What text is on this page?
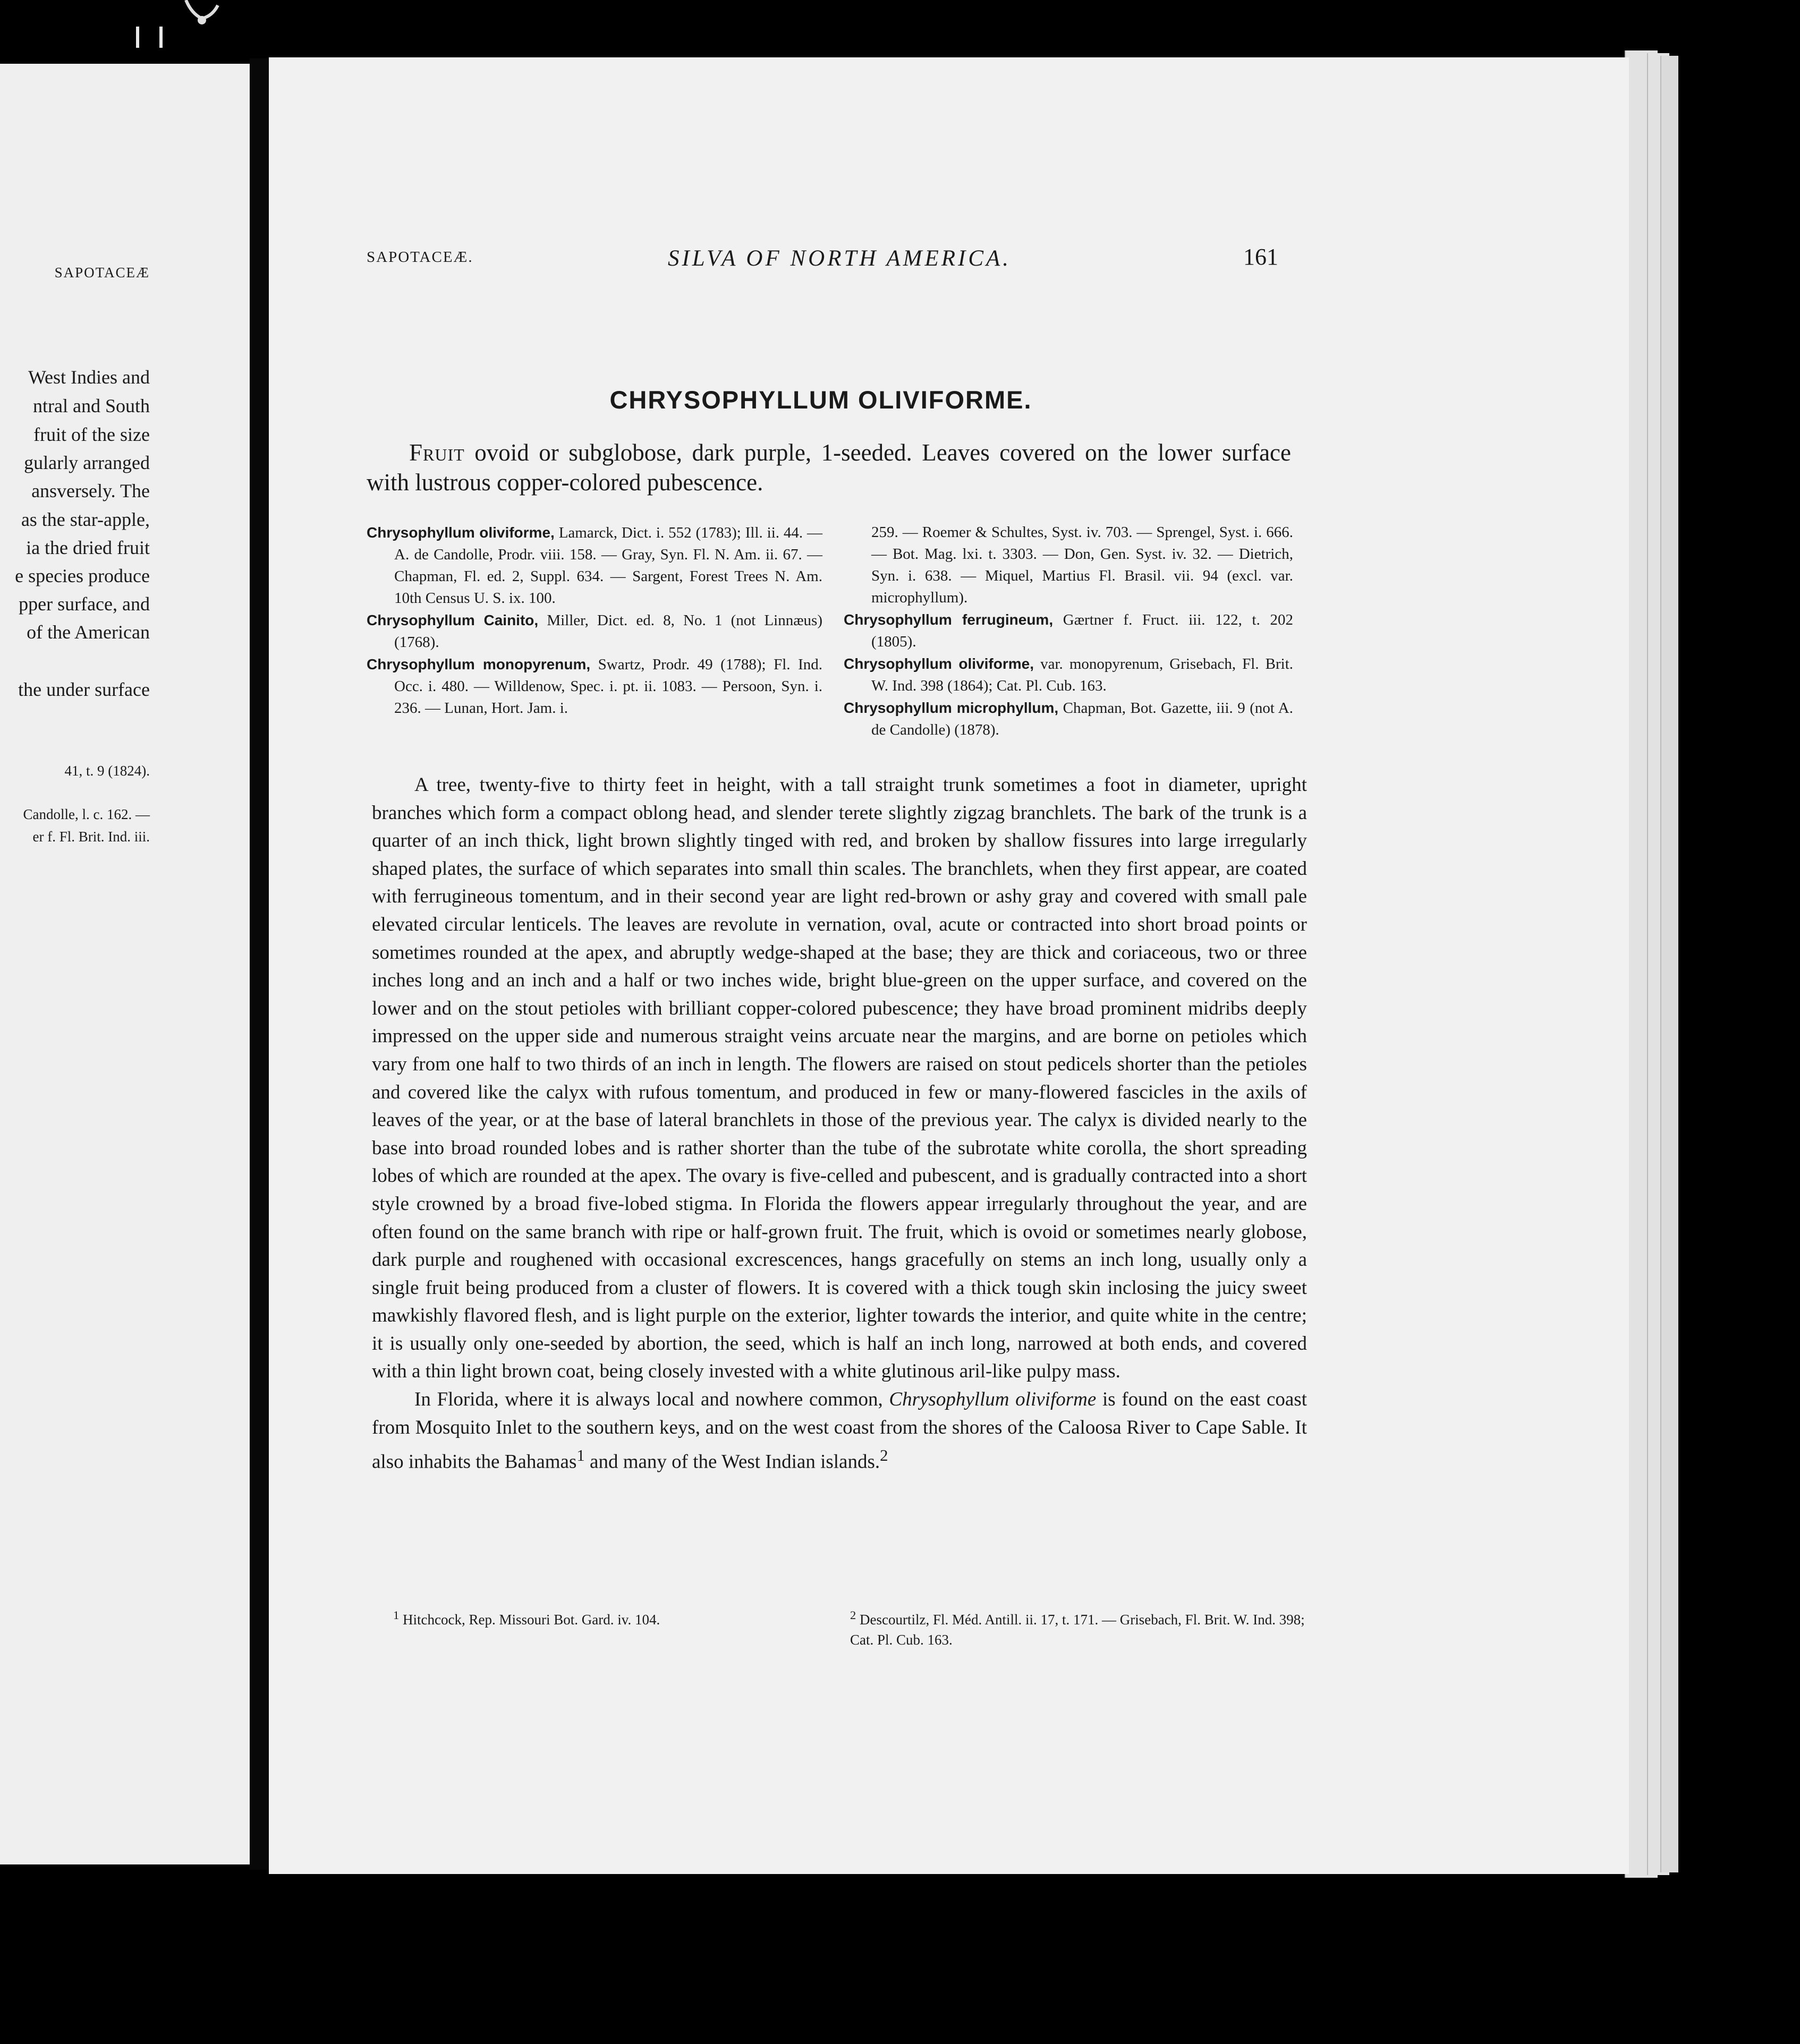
SAPOTACEÆ
West Indies and
ntral and South
fruit of the size
gularly arranged
ansversely. The
as the star-apple,
ia the dried fruit
e species produce
pper surface, and
of the American
the under surface
41, t. 9 (1824).
Candolle, l. c. 162. —
er f. Fl. Brit. Ind. iii.
SAPOTACEÆ.	SILVA OF NORTH AMERICA.	161
CHRYSOPHYLLUM OLIVIFORME.
Fruit ovoid or subglobose, dark purple, 1-seeded. Leaves covered on the lower surface with lustrous copper-colored pubescence.

Chrysophyllum oliviforme, Lamarck, Dict. i. 552 (1783); Ill. ii. 44. — A. de Candolle, Prodr. viii. 158. — Gray, Syn. Fl. N. Am. ii. 67. — Chapman, Fl. ed. 2, Suppl. 634. — Sargent, Forest Trees N. Am. 10th Census U. S. ix. 100.

Chrysophyllum Cainito, Miller, Dict. ed. 8, No. 1 (not Linnæus) (1768).

Chrysophyllum monopyrenum, Swartz, Prodr. 49 (1788); Fl. Ind. Occ. i. 480. — Willdenow, Spec. i. pt. ii. 1083. — Persoon, Syn. i. 236. — Lunan, Hort. Jam. i.

259. — Roemer & Schultes, Syst. iv. 703. — Sprengel, Syst. i. 666. — Bot. Mag. lxi. t. 3303. — Don, Gen. Syst. iv. 32. — Dietrich, Syn. i. 638. — Miquel, Martius Fl. Brasil. vii. 94 (excl. var. microphyllum).

Chrysophyllum ferrugineum, Gærtner f. Fruct. iii. 122, t. 202 (1805).

Chrysophyllum oliviforme, var. monopyrenum, Grisebach, Fl. Brit. W. Ind. 398 (1864); Cat. Pl. Cub. 163.

Chrysophyllum microphyllum, Chapman, Bot. Gazette, iii. 9 (not A. de Candolle) (1878).

A tree, twenty-five to thirty feet in height, with a tall straight trunk sometimes a foot in diameter, upright branches which form a compact oblong head, and slender terete slightly zigzag branchlets. The bark of the trunk is a quarter of an inch thick, light brown slightly tinged with red, and broken by shallow fissures into large irregularly shaped plates, the surface of which separates into small thin scales. The branchlets, when they first appear, are coated with ferrugineous tomentum, and in their second year are light red-brown or ashy gray and covered with small pale elevated circular lenticels. The leaves are revolute in vernation, oval, acute or contracted into short broad points or sometimes rounded at the apex, and abruptly wedge-shaped at the base; they are thick and coriaceous, two or three inches long and an inch and a half or two inches wide, bright blue-green on the upper surface, and covered on the lower and on the stout petioles with brilliant copper-colored pubescence; they have broad prominent midribs deeply impressed on the upper side and numerous straight veins arcuate near the margins, and are borne on petioles which vary from one half to two thirds of an inch in length. The flowers are raised on stout pedicels shorter than the petioles and covered like the calyx with rufous tomentum, and produced in few or many-flowered fascicles in the axils of leaves of the year, or at the base of lateral branchlets in those of the previous year. The calyx is divided nearly to the base into broad rounded lobes and is rather shorter than the tube of the subrotate white corolla, the short spreading lobes of which are rounded at the apex. The ovary is five-celled and pubescent, and is gradually contracted into a short style crowned by a broad five-lobed stigma. In Florida the flowers appear irregularly throughout the year, and are often found on the same branch with ripe or half-grown fruit. The fruit, which is ovoid or sometimes nearly globose, dark purple and roughened with occasional excrescences, hangs gracefully on stems an inch long, usually only a single fruit being produced from a cluster of flowers. It is covered with a thick tough skin inclosing the juicy sweet mawkishly flavored flesh, and is light purple on the exterior, lighter towards the interior, and quite white in the centre; it is usually only one-seeded by abortion, the seed, which is half an inch long, narrowed at both ends, and covered with a thin light brown coat, being closely invested with a white glutinous aril-like pulpy mass.

In Florida, where it is always local and nowhere common, Chrysophyllum oliviforme is found on the east coast from Mosquito Inlet to the southern keys, and on the west coast from the shores of the Caloosa River to Cape Sable. It also inhabits the Bahamas$^1$ and many of the West Indian islands.$^2$

$^1$ Hitchcock, Rep. Missouri Bot. Gard. iv. 104.	$^2$ Descourtilz, Fl. Méd. Antill. ii. 17, t. 171. — Grisebach, Fl. Brit. W. Ind. 398; Cat. Pl. Cub. 163.
